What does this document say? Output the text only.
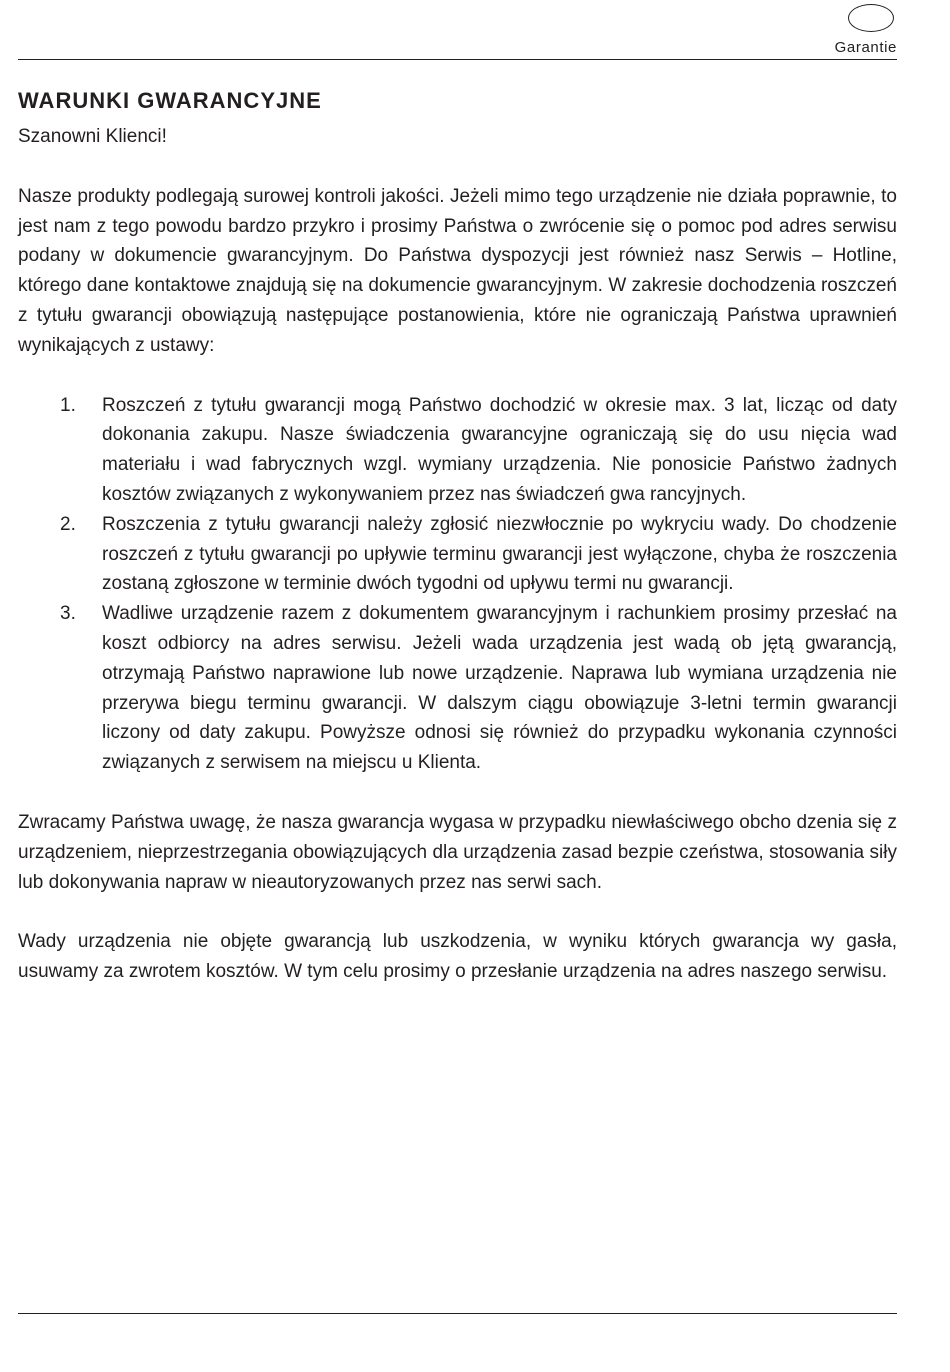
Garantie
WARUNKI GWARANCYJNE

Szanowni Klienci!

Nasze produkty podlegają surowej kontroli jakości. Jeżeli mimo tego urządzenie nie działa poprawnie, to jest nam z tego powodu bardzo przykro i prosimy Państwa o zwrócenie się o pomoc pod adres serwisu podany w dokumencie gwarancyjnym. Do Państwa dyspozycji jest również nasz Serwis – Hotline, którego dane kontaktowe znajdują się na dokumencie gwarancyjnym. W zakresie dochodzenia roszczeń z tytułu gwarancji obowiązują następujące postanowienia, które nie ograniczają Państwa uprawnień wynikających z ustawy:

1.	Roszczeń z tytułu gwarancji mogą Państwo dochodzić w okresie max. 3 lat, licząc od daty dokonania zakupu. Nasze świadczenia gwarancyjne ograniczają się do usu nięcia wad materiału i wad fabrycznych wzgl. wymiany urządzenia. Nie ponosicie Państwo żadnych kosztów związanych z wykonywaniem przez nas świadczeń gwa rancyjnych.
2.	Roszczenia z tytułu gwarancji należy zgłosić niezwłocznie po wykryciu wady. Do chodzenie roszczeń z tytułu gwarancji po upływie terminu gwarancji jest wyłączone, chyba że roszczenia zostaną zgłoszone w terminie dwóch tygodni od upływu termi nu gwarancji.
3.	Wadliwe urządzenie razem z dokumentem gwarancyjnym i rachunkiem prosimy przesłać na koszt odbiorcy na adres serwisu. Jeżeli wada urządzenia jest wadą ob jętą gwarancją, otrzymają Państwo naprawione lub nowe urządzenie. Naprawa lub wymiana urządzenia nie przerywa biegu terminu gwarancji. W dalszym ciągu obowiązuje 3-letni termin gwarancji liczony od daty zakupu. Powyższe odnosi się również do przypadku wykonania czynności związanych z serwisem na miejscu u Klienta.

Zwracamy Państwa uwagę, że nasza gwarancja wygasa w przypadku niewłaściwego obcho dzenia się z urządzeniem, nieprzestrzegania obowiązujących dla urządzenia zasad bezpie czeństwa, stosowania siły lub dokonywania napraw w nieautoryzowanych przez nas serwi sach.

Wady urządzenia nie objęte gwarancją lub uszkodzenia, w wyniku których gwarancja wy gasła, usuwamy za zwrotem kosztów. W tym celu prosimy o przesłanie urządzenia na adres naszego serwisu.
